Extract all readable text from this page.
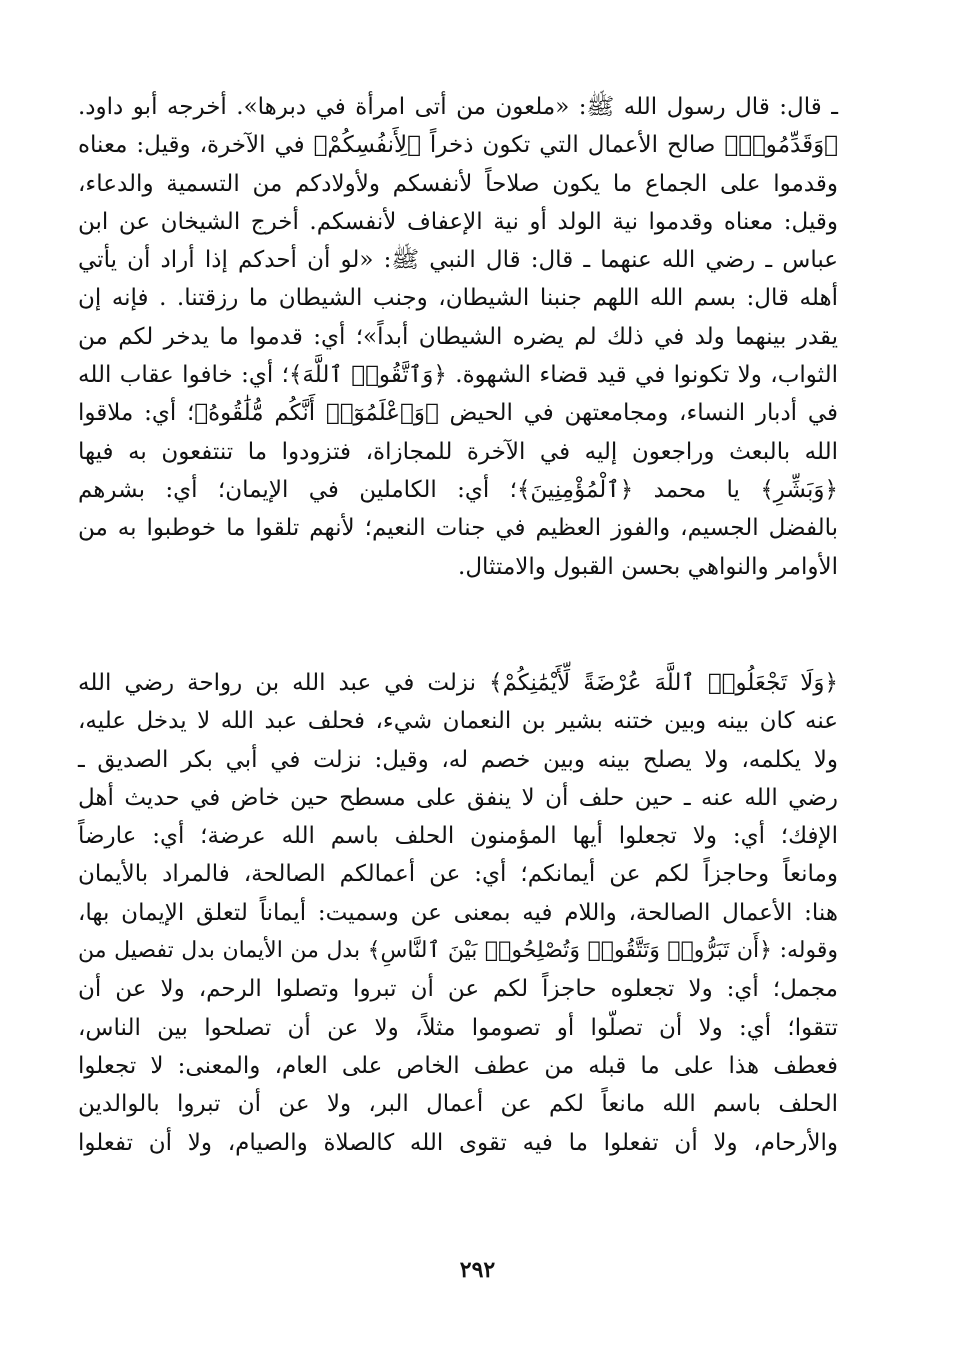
ـ قال: قال رسول الله ﷺ: «ملعون من أتى امرأة في دبرها». أخرجه أبو داود.
﴿وَقَدِّمُوا۟﴾ صالح الأعمال التي تكون ذخراً ﴿لِأَنفُسِكُمْ﴾ في الآخرة، وقيل: معناه
وقدموا على الجماع ما يكون صلاحاً لأنفسكم ولأولادكم من التسمية والدعاء،
وقيل: معناه وقدموا نية الولد أو نية الإعفاف لأنفسكم. أخرج الشيخان عن ابن
عباس ـ رضي الله عنهما ـ قال: قال النبي ﷺ: «لو أن أحدكم إذا أراد أن يأتي
أهله قال: بسم الله اللهم جنبنا الشيطان، وجنب الشيطان ما رزقتنا. . فإنه إن
يقدر بينهما ولد في ذلك لم يضره الشيطان أبداً»؛ أي: قدموا ما يدخر لكم من
الثواب، ولا تكونوا في قيد قضاء الشهوة. ﴿وَٱتَّقُوا۟ ٱللَّهَ﴾؛ أي: خافوا عقاب الله
في أدبار النساء، ومجامعتهن في الحيض ﴿وَٱعْلَمُوٓا۟ أَنَّكُم مُّلَٰقُوهُ﴾؛ أي: ملاقوا
الله بالبعث وراجعون إليه في الآخرة للمجازاة، فتزودوا ما تنتفعون به فيها
﴿وَبَشِّرِ﴾ يا محمد ﴿ٱلْمُؤْمِنِينَ﴾؛ أي: الكاملين في الإيمان؛ أي: بشرهم
بالفضل الجسيم، والفوز العظيم في جنات النعيم؛ لأنهم تلقوا ما خوطبوا به من
الأوامر والنواهي بحسن القبول والامتثال.
﴿وَلَا تَجْعَلُوا۟ ٱللَّهَ عُرْضَةً لِّأَيْمَٰنِكُمْ﴾ نزلت في عبد الله بن رواحة رضي الله
عنه كان بينه وبين ختنه بشير بن النعمان شيء، فحلف عبد الله لا يدخل عليه،
ولا يكلمه، ولا يصلح بينه وبين خصم له، وقيل: نزلت في أبي بكر الصديق ـ
رضي الله عنه ـ حين حلف أن لا ينفق على مسطح حين خاض في حديث أهل
الإفك؛ أي: ولا تجعلوا أيها المؤمنون الحلف باسم الله عرضة؛ أي: عارضاً
ومانعاً وحاجزاً لكم عن أيمانكم؛ أي: عن أعمالكم الصالحة، فالمراد بالأيمان
هنا: الأعمال الصالحة، واللام فيه بمعنى عن وسميت: أيماناً لتعلق الإيمان بها،
وقوله: ﴿أَن تَبَرُّوا۟ وَتَتَّقُوا۟ وَتُصْلِحُوا۟ بَيْنَ ٱلنَّاسِ﴾ بدل من الأيمان بدل تفصيل من
مجمل؛ أي: ولا تجعلوه حاجزاً لكم عن أن تبروا وتصلوا الرحم، ولا عن أن
تتقوا؛ أي: ولا أن تصلّوا أو تصوموا مثلاً، ولا عن أن تصلحوا بين الناس،
فعطف هذا على ما قبله من عطف الخاص على العام، والمعنى: لا تجعلوا
الحلف باسم الله مانعاً لكم عن أعمال البر، ولا عن أن تبروا بالوالدين
والأرحام، ولا أن تفعلوا ما فيه تقوى الله كالصلاة والصيام، ولا أن تفعلوا
٢٩٢
